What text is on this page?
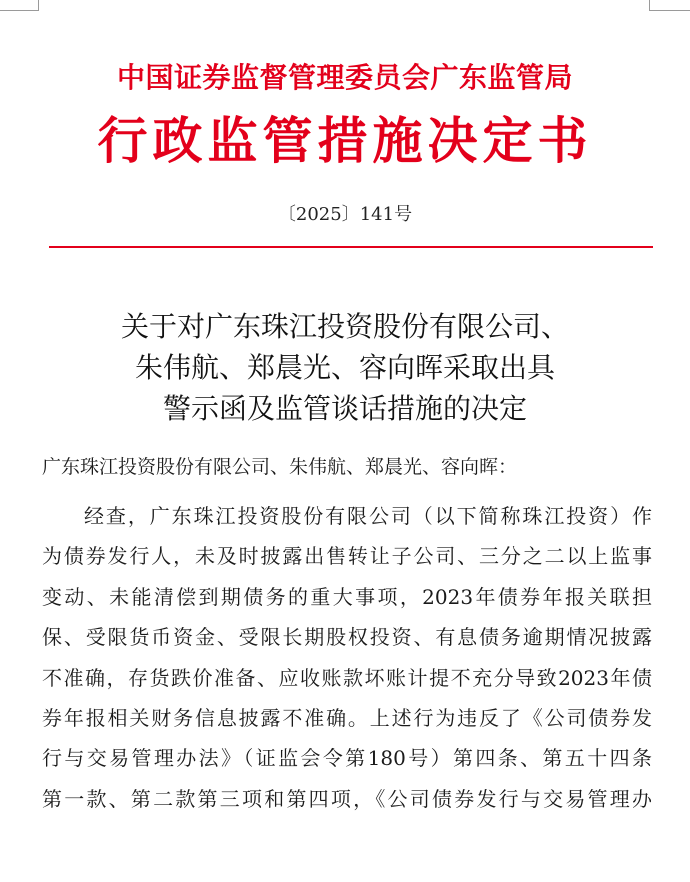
中国证券监督管理委员会广东监管局
行政监管措施决定书
〔2025〕141号
关于对广东珠江投资股份有限公司、
朱伟航、郑晨光、容向晖采取出具
警示函及监管谈话措施的决定
广东珠江投资股份有限公司、朱伟航、郑晨光、容向晖：
经查，广东珠江投资股份有限公司（以下简称珠江投资）作
为债券发行人，未及时披露出售转让子公司、三分之二以上监事
变动、未能清偿到期债务的重大事项，2023年债券年报关联担
保、受限货币资金、受限长期股权投资、有息债务逾期情况披露
不准确，存货跌价准备、应收账款坏账计提不充分导致2023年债
券年报相关财务信息披露不准确。上述行为违反了《公司债券发
行与交易管理办法》（证监会令第180号）第四条、第五十四条
第一款、第二款第三项和第四项，《公司债券发行与交易管理办
